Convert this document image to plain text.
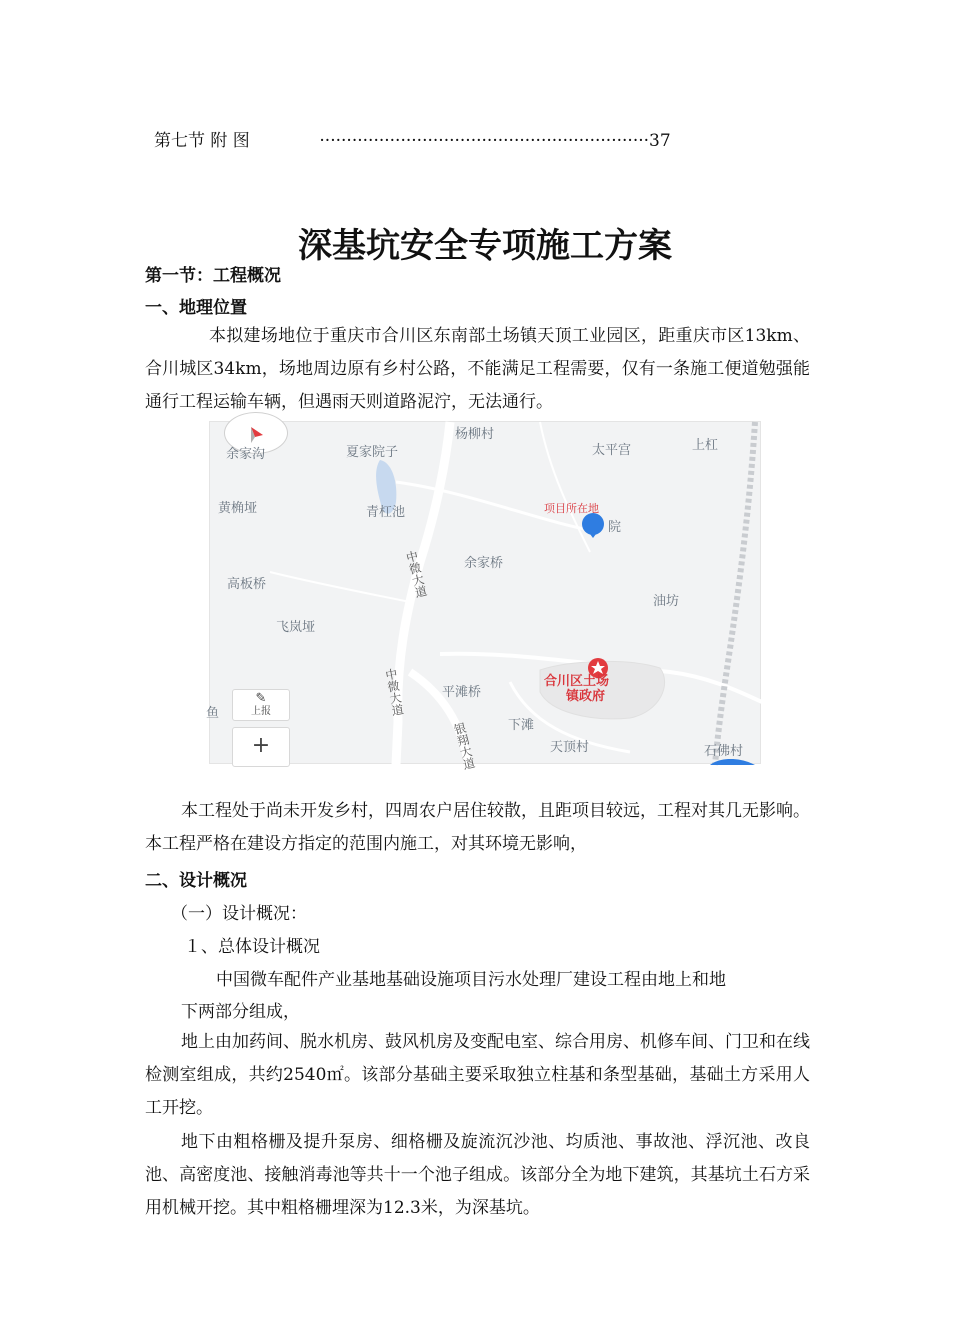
第七节 附 图	·····························································37
深基坑安全专项施工方案
第一节：工程概况
一、地理位置
本拟建场地位于重庆市合川区东南部土场镇天顶工业园区，距重庆市区13km、合川城区34km，场地周边原有乡村公路，不能满足工程需要，仅有一条施工便道勉强能通行工程运输车辆，但遇雨天则道路泥泞，无法通行。
余家沟	夏家院子
杨柳村
太平宫	上杠
黄桷垭	青杠池	项目所在地
院
余家桥
高板桥
油坊
飞岚垭
平滩桥
合川区土场
镇政府
下滩
天顶村	石佛村
中微大道
中微大道
银翔大道
鱼
✎
上报
+
本工程处于尚未开发乡村，四周农户居住较散，且距项目较远，工程对其几无影响。本工程严格在建设方指定的范围内施工，对其环境无影响，
二、设计概况
（一）设计概况：
１、总体设计概况
中国微车配件产业基地基础设施项目污水处理厂建设工程由地上和地
下两部分组成，
地上由加药间、脱水机房、鼓风机房及变配电室、综合用房、机修车间、门卫和在线检测室组成，共约2540㎡。该部分基础主要采取独立柱基和条型基础，基础土方采用人工开挖。
地下由粗格栅及提升泵房、细格栅及旋流沉沙池、均质池、事故池、浮沉池、改良池、高密度池、接触消毒池等共十一个池子组成。该部分全为地下建筑，其基坑土石方采用机械开挖。其中粗格栅埋深为12.3米，为深基坑。
